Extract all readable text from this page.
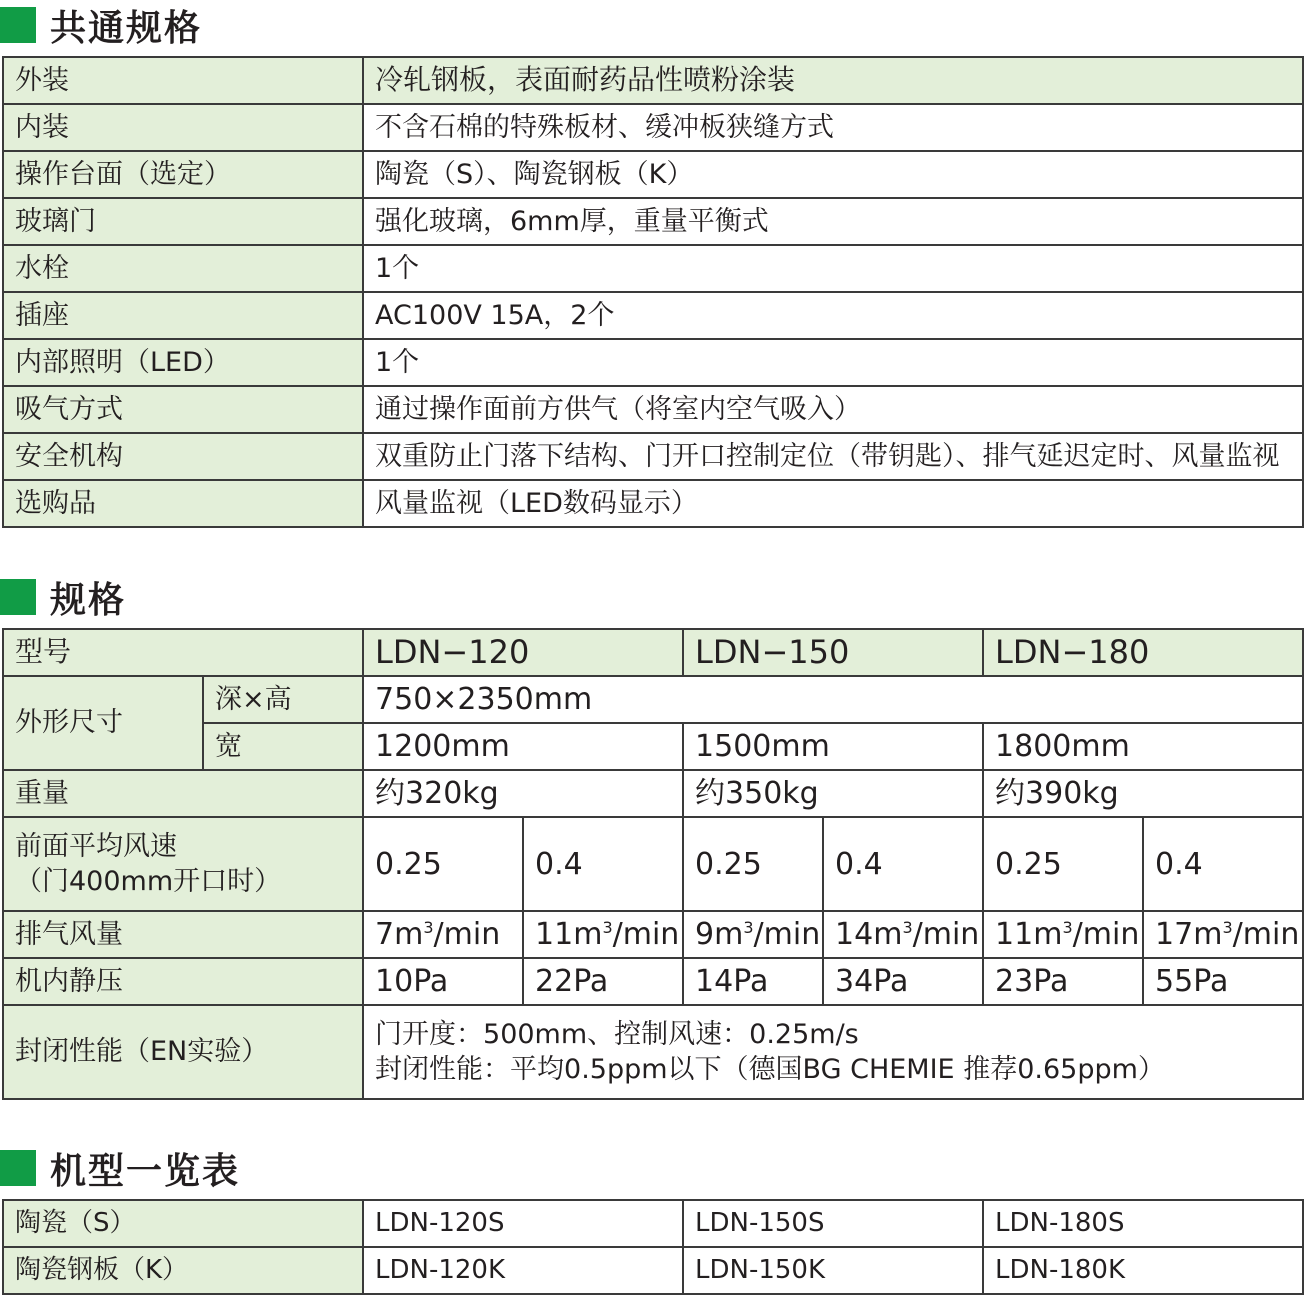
共通规格
外装	冷轧钢板，表面耐药品性喷粉涂装
内装	不含石棉的特殊板材、缓冲板狭缝方式
操作台面（选定）	陶瓷（S）、陶瓷钢板（K）
玻璃门	强化玻璃，6mm厚，重量平衡式
水栓	1个
插座	AC100V 15A，2个
内部照明（LED）	1个
吸气方式	通过操作面前方供气（将室内空气吸入）
安全机构	双重防止门落下结构、门开口控制定位（带钥匙）、排气延迟定时、风量监视
选购品	风量监视（LED数码显示）
规格
型号		LDN−120		LDN−150		LDN−180	
外形尺寸	深×高	750×2350mm					
	宽	1200mm		1500mm		1800mm	
重量		约320kg		约350kg		约390kg	

前面平均风速
（门400mm开口时）		0.25	0.4	0.25	0.4	0.25	0.4
排气风量		$7m^3/\min$	$11m^3/\min$	$9m^3/\min$	$14m^3/\min$	$11m^3/\min$	$17m^3/\min$
机内静压		10Pa	22Pa	14Pa	34Pa	23Pa	55Pa
封闭性能（EN实验）		门开度：500mm、控制风速：0.25m/s
封闭性能：平均0.5ppm以下（德国BG CHEMIE 推荐0.65ppm）					
机型一览表
陶瓷（S）	LDN-120S	LDN-150S	LDN-180S
陶瓷钢板（K）	LDN-120K	LDN-150K	LDN-180K
